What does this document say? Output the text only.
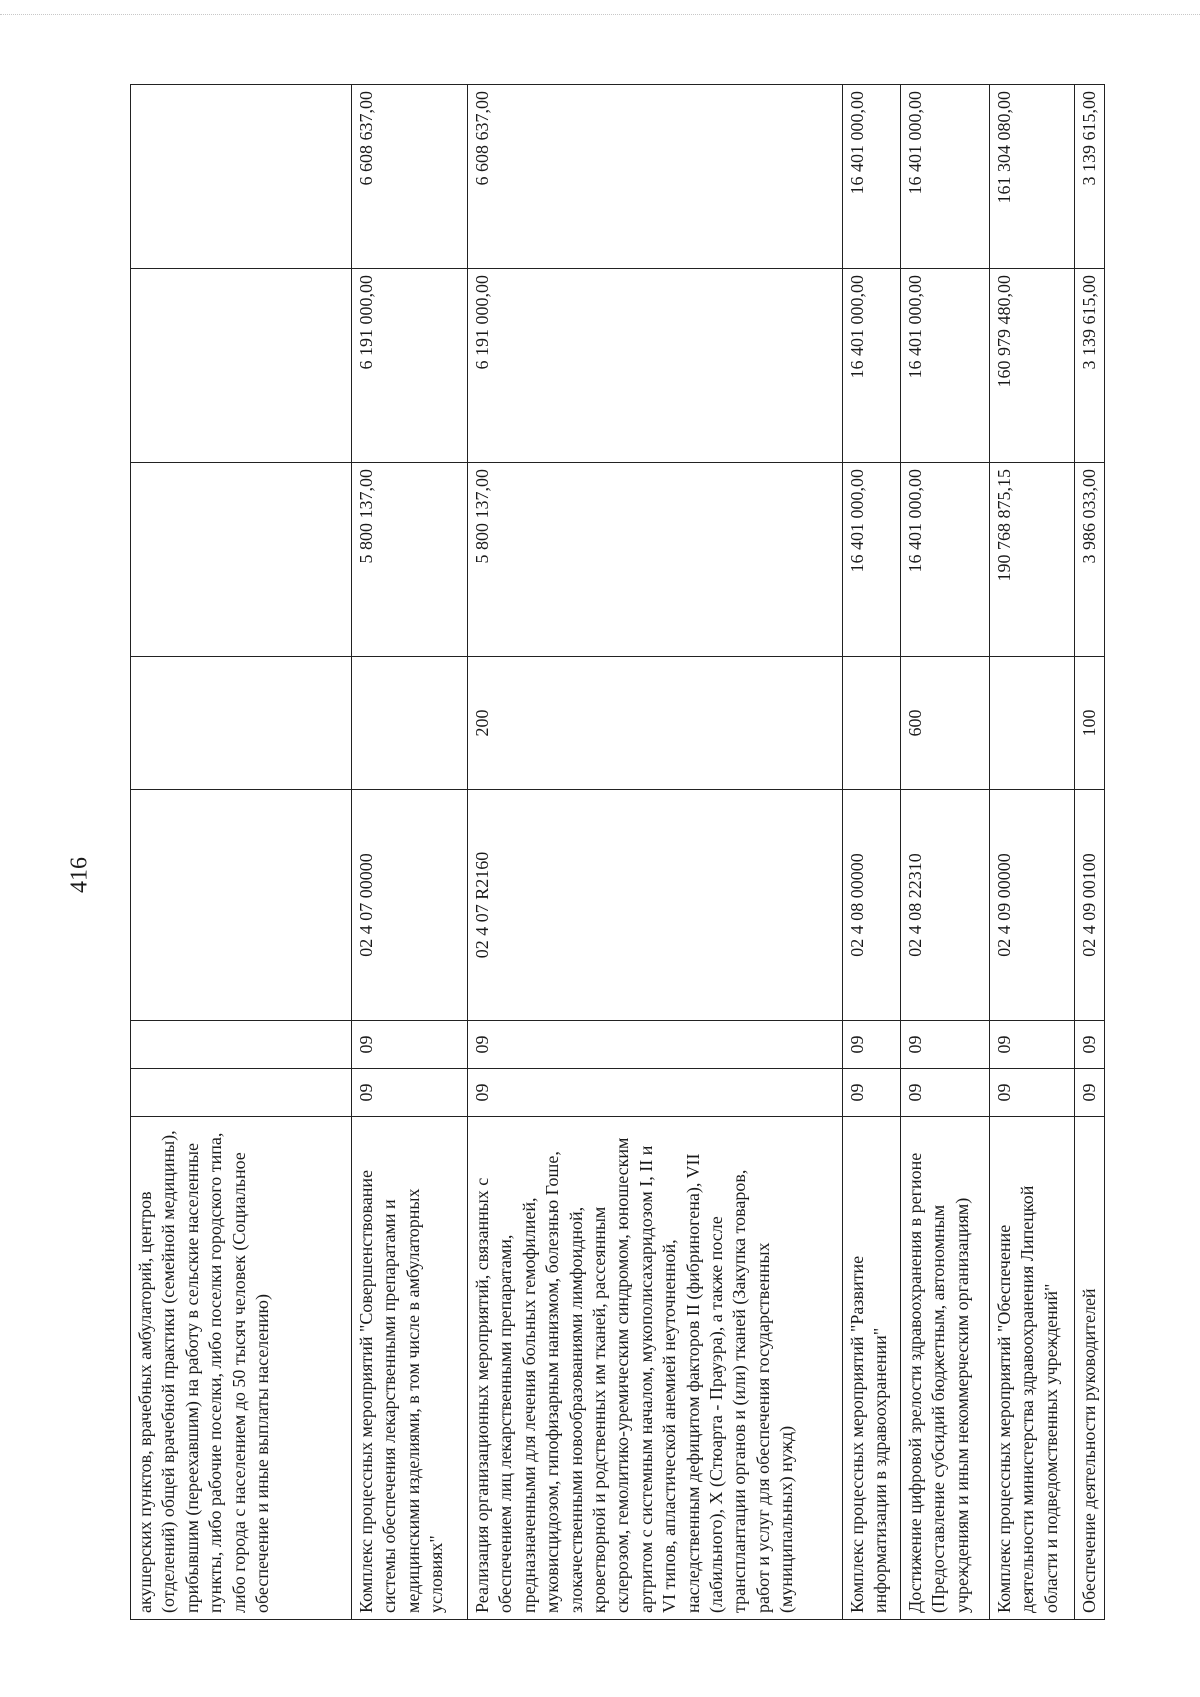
416
акушерских пунктов, врачебных амбулаторий, центров (отделений) общей врачебной практики (семейной медицины), прибывшим (переехавшим) на работу в сельские населенные пункты, либо рабочие поселки, либо поселки городского типа, либо города с населением до 50 тысяч человек (Социальное обеспечение и иные выплаты населению)							
Комплекс процессных мероприятий "Совершенствование системы обеспечения лекарственными препаратами и медицинскими изделиями, в том числе в амбулаторных условиях"	09	09	02 4 07 00000		5 800 137,00	6 191 000,00	6 608 637,00
Реализация организационных мероприятий, связанных с обеспечением лиц лекарственными препаратами, предназначенными для лечения больных гемофилией, муковисцидозом, гипофизарным нанизмом, болезнью Гоше, злокачественными новообразованиями лимфоидной, кроветворной и родственных им тканей, рассеянным склерозом, гемолитико-уремическим синдромом, юношеским артритом с системным началом, мукополисахаридозом I, II и VI типов, апластической анемией неуточненной, наследственным дефицитом факторов II (фибриногена), VII (лабильного), X (Стюарта - Прауэра), а также после трансплантации органов и (или) тканей (Закупка товаров, работ и услуг для обеспечения государственных (муниципальных) нужд)	09	09	02 4 07 R2160	200	5 800 137,00	6 191 000,00	6 608 637,00
Комплекс процессных мероприятий "Развитие информатизации в здравоохранении"	09	09	02 4 08 00000		16 401 000,00	16 401 000,00	16 401 000,00
Достижение цифровой зрелости здравоохранения в регионе (Предоставление субсидий бюджетным, автономным учреждениям и иным некоммерческим организациям)	09	09	02 4 08 22310	600	16 401 000,00	16 401 000,00	16 401 000,00
Комплекс процессных мероприятий "Обеспечение деятельности министерства здравоохранения Липецкой области и подведомственных учреждений"	09	09	02 4 09 00000		190 768 875,15	160 979 480,00	161 304 080,00
Обеспечение деятельности руководителей	09	09	02 4 09 00100	100	3 986 033,00	3 139 615,00	3 139 615,00
